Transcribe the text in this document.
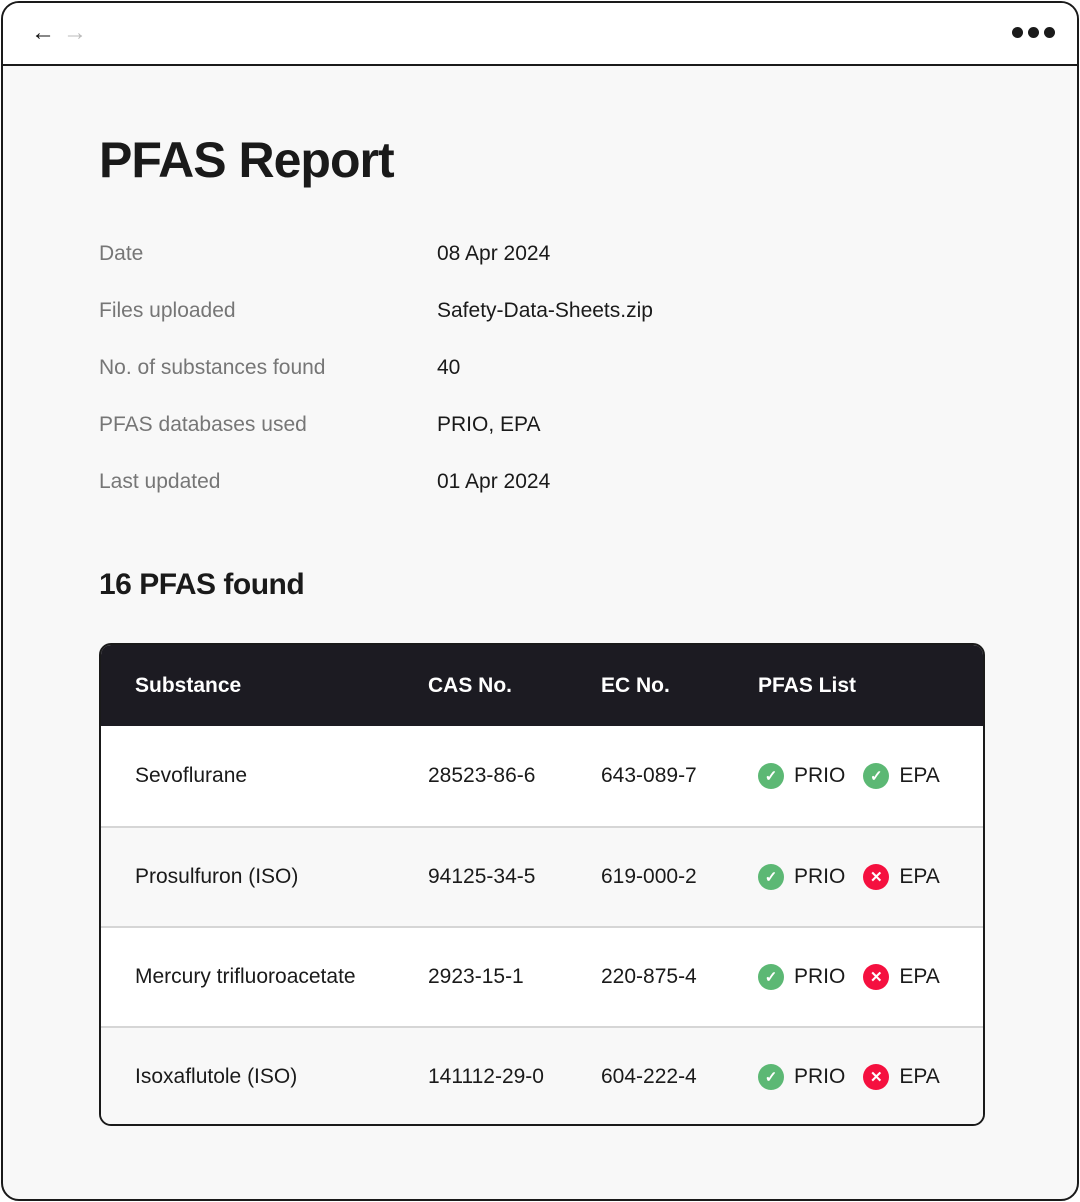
← →
PFAS Report
Date	08 Apr 2024
Files uploaded	Safety-Data-Sheets.zip
No. of substances found	40
PFAS databases used	PRIO, EPA
Last updated	01 Apr 2024
16 PFAS found
Substance	CAS No.	EC No.	PFAS List
Sevoflurane	28523-86-6	643-089-7	✓ PRIO	✓ EPA
Prosulfuron (ISO)	94125-34-5	619-000-2	✓ PRIO	✕ EPA
Mercury trifluoroacetate	2923-15-1	220-875-4	✓ PRIO	✕ EPA
Isoxaflutole (ISO)	141112-29-0	604-222-4	✓ PRIO	✕ EPA
